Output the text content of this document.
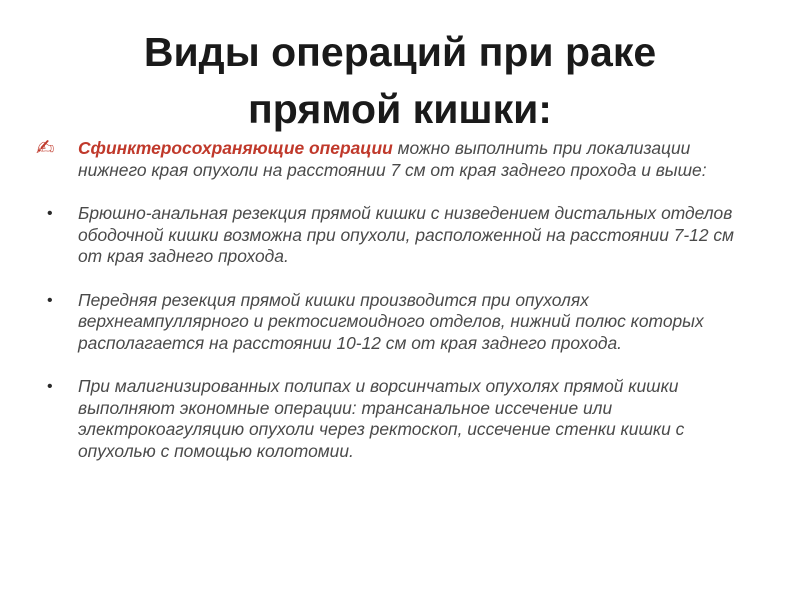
Виды операций при раке
прямой кишки:
✍ Сфинктеросохраняющие операции можно выполнить при локализации нижнего края опухоли на расстоянии 7 см от края заднего прохода и выше:
• Брюшно-анальная резекция прямой кишки с низведением дистальных отделов ободочной кишки возможна при опухоли, расположенной на расстоянии 7-12 см от края заднего прохода.
• Передняя резекция прямой кишки производится при опухолях верхнеампуллярного и ректосигмоидного отделов, нижний полюс которых располагается на расстоянии 10-12 см от края заднего прохода.
• При малигнизированных полипах и ворсинчатых опухолях прямой кишки выполняют экономные операции: трансанальное иссечение или электрокоагуляцию опухоли через ректоскоп, иссечение стенки кишки с опухолью с помощью колотомии.
